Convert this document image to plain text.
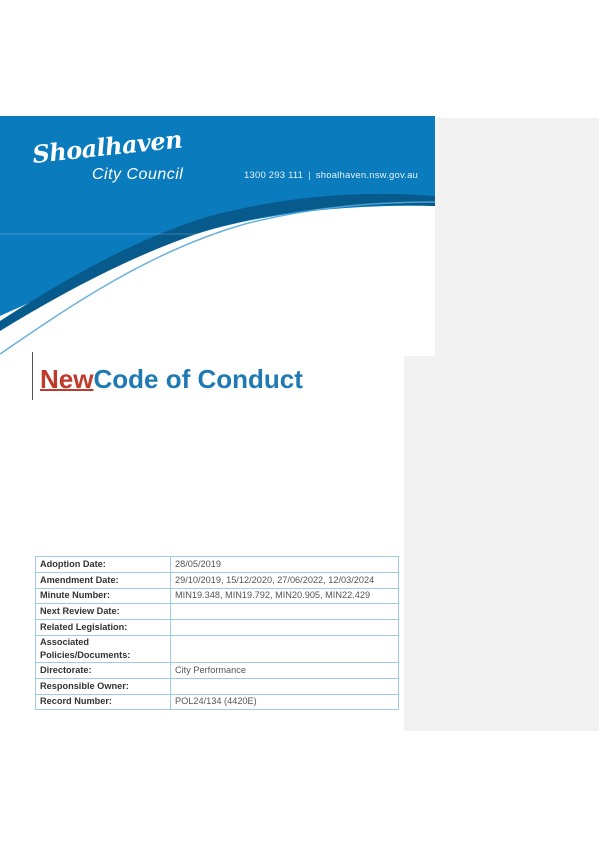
Shoalhaven
City Council	1300 293 111 | shoalhaven.nsw.gov.au
NewCode of Conduct
Adoption Date:	28/05/2019
Amendment Date:	29/10/2019, 15/12/2020, 27/06/2022, 12/03/2024
Minute Number:	MIN19.348, MIN19.792, MIN20.905, MIN22.429
Next Review Date:	
Related Legislation:	
Associated Policies/Documents:	
Directorate:	City Performance
Responsible Owner:	
Record Number:	POL24/134 (4420E)
